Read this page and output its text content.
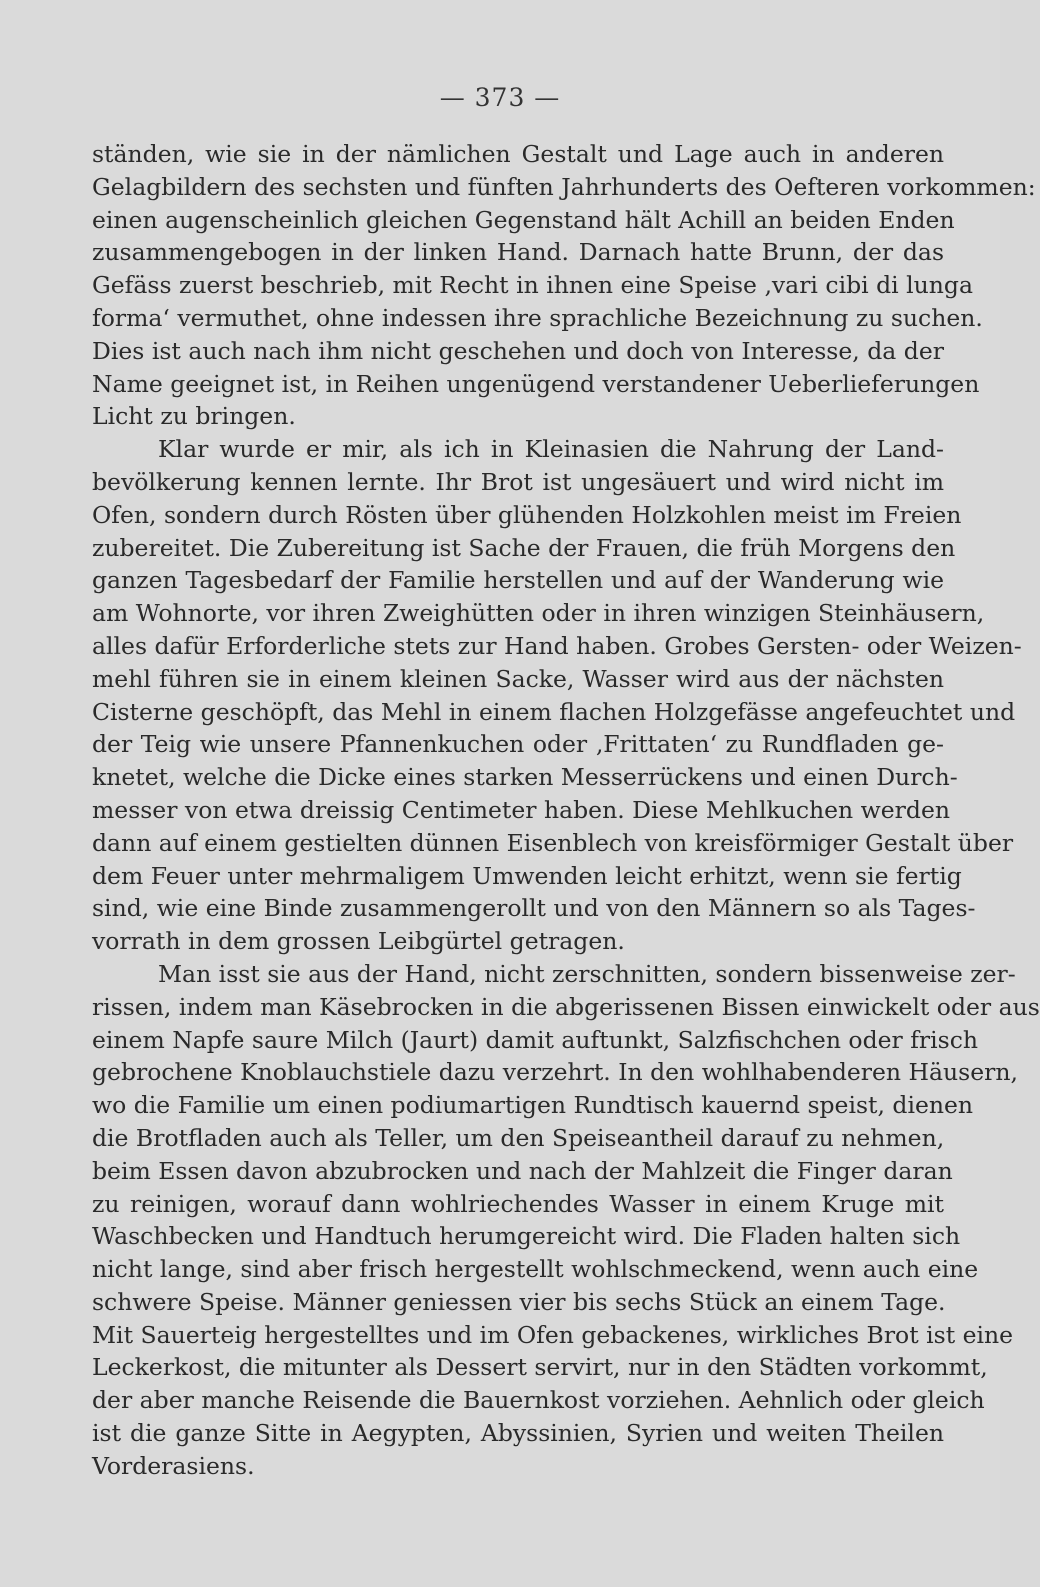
— 373 —
ständen, wie sie in der nämlichen Gestalt und Lage auch in anderen
Gelagbildern des sechsten und fünften Jahrhunderts des Oefteren vorkommen:
einen augenscheinlich gleichen Gegenstand hält Achill an beiden Enden
zusammengebogen in der linken Hand. Darnach hatte Brunn, der das
Gefäss zuerst beschrieb, mit Recht in ihnen eine Speise ‚vari cibi di lunga
forma‘ vermuthet, ohne indessen ihre sprachliche Bezeichnung zu suchen.
Dies ist auch nach ihm nicht geschehen und doch von Interesse, da der
Name geeignet ist, in Reihen ungenügend verstandener Ueberlieferungen
Licht zu bringen.
Klar wurde er mir, als ich in Kleinasien die Nahrung der Land-
bevölkerung kennen lernte. Ihr Brot ist ungesäuert und wird nicht im
Ofen, sondern durch Rösten über glühenden Holzkohlen meist im Freien
zubereitet. Die Zubereitung ist Sache der Frauen, die früh Morgens den
ganzen Tagesbedarf der Familie herstellen und auf der Wanderung wie
am Wohnorte, vor ihren Zweighütten oder in ihren winzigen Steinhäusern,
alles dafür Erforderliche stets zur Hand haben. Grobes Gersten- oder Weizen-
mehl führen sie in einem kleinen Sacke, Wasser wird aus der nächsten
Cisterne geschöpft, das Mehl in einem flachen Holzgefässe angefeuchtet und
der Teig wie unsere Pfannenkuchen oder ‚Frittaten‘ zu Rundfladen ge-
knetet, welche die Dicke eines starken Messerrückens und einen Durch-
messer von etwa dreissig Centimeter haben. Diese Mehlkuchen werden
dann auf einem gestielten dünnen Eisenblech von kreisförmiger Gestalt über
dem Feuer unter mehrmaligem Umwenden leicht erhitzt, wenn sie fertig
sind, wie eine Binde zusammengerollt und von den Männern so als Tages-
vorrath in dem grossen Leibgürtel getragen.
Man isst sie aus der Hand, nicht zerschnitten, sondern bissenweise zer-
rissen, indem man Käsebrocken in die abgerissenen Bissen einwickelt oder aus
einem Napfe saure Milch (Jaurt) damit auftunkt, Salzfischchen oder frisch
gebrochene Knoblauchstiele dazu verzehrt. In den wohlhabenderen Häusern,
wo die Familie um einen podiumartigen Rundtisch kauernd speist, dienen
die Brotfladen auch als Teller, um den Speiseantheil darauf zu nehmen,
beim Essen davon abzubrocken und nach der Mahlzeit die Finger daran
zu reinigen, worauf dann wohlriechendes Wasser in einem Kruge mit
Waschbecken und Handtuch herumgereicht wird. Die Fladen halten sich
nicht lange, sind aber frisch hergestellt wohlschmeckend, wenn auch eine
schwere Speise. Männer geniessen vier bis sechs Stück an einem Tage.
Mit Sauerteig hergestelltes und im Ofen gebackenes, wirkliches Brot ist eine
Leckerkost, die mitunter als Dessert servirt, nur in den Städten vorkommt,
der aber manche Reisende die Bauernkost vorziehen. Aehnlich oder gleich
ist die ganze Sitte in Aegypten, Abyssinien, Syrien und weiten Theilen
Vorderasiens.
